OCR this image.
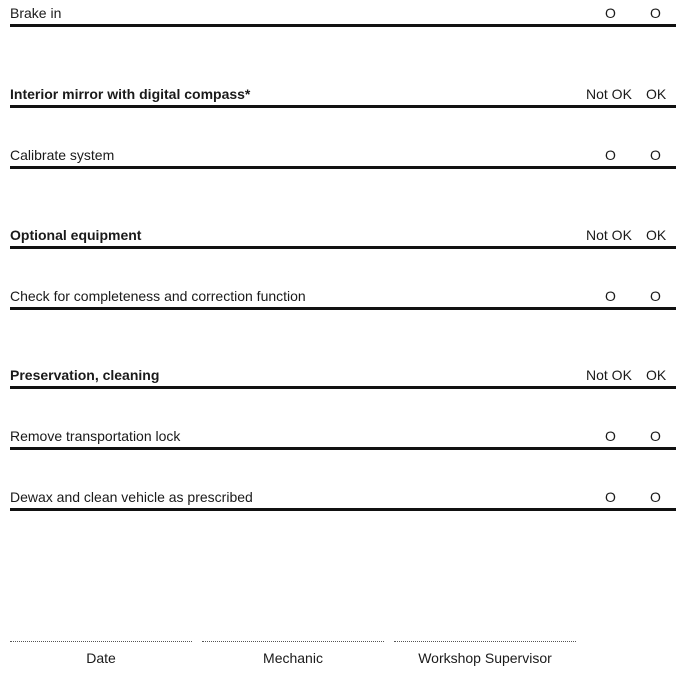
Brake in	O O
Interior mirror with digital compass*	Not OK OK
Calibrate system	O O
Optional equipment	Not OK OK
Check for completeness and correction function	O O
Preservation, cleaning	Not OK OK
Remove transportation lock	O O
Dewax and clean vehicle as prescribed	O O
Date	Mechanic	Workshop Supervisor
